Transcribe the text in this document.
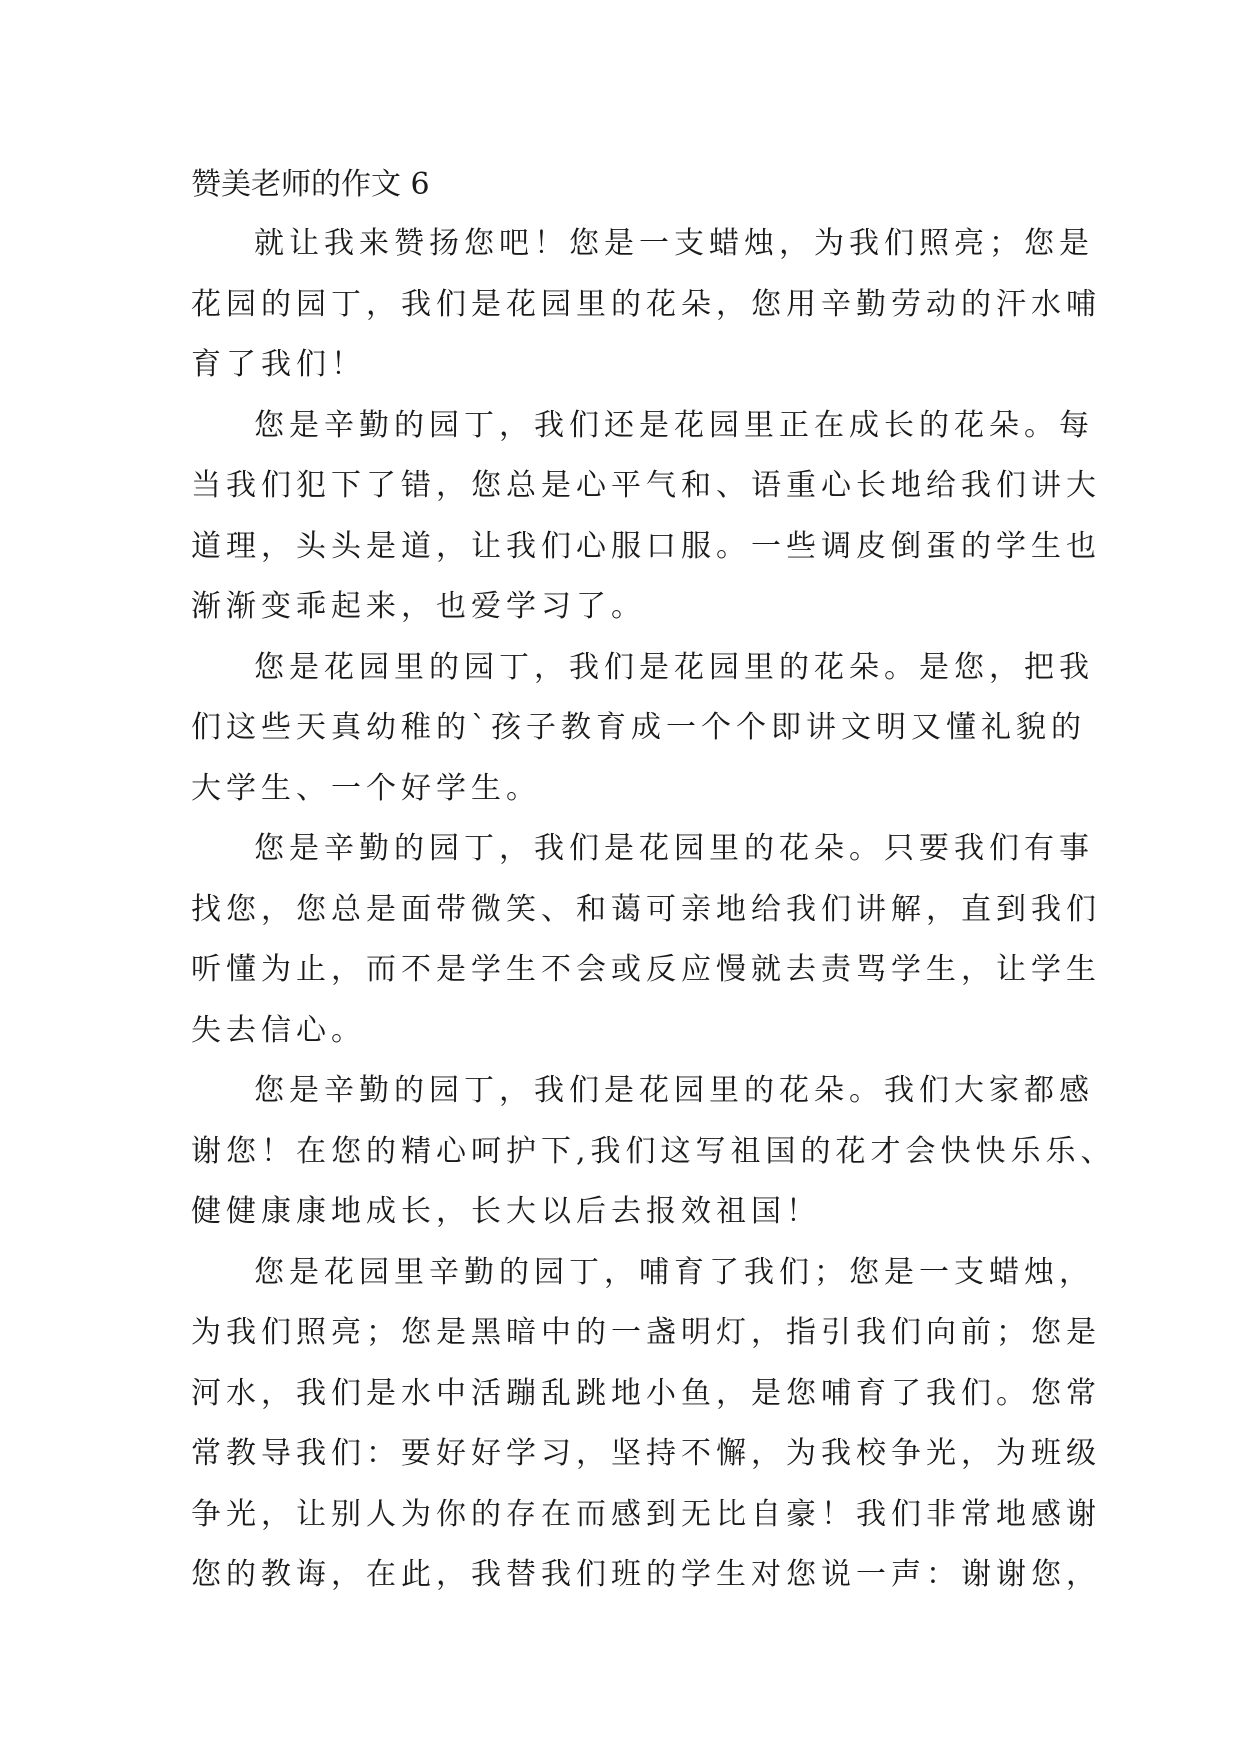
赞美老师的作文 6

就让我来赞扬您吧！您是一支蜡烛，为我们照亮；您是
花园的园丁，我们是花园里的花朵，您用辛勤劳动的汗水哺
育了我们！

您是辛勤的园丁，我们还是花园里正在成长的花朵。每
当我们犯下了错，您总是心平气和、语重心长地给我们讲大
道理，头头是道，让我们心服口服。一些调皮倒蛋的学生也
渐渐变乖起来，也爱学习了。

您是花园里的园丁，我们是花园里的花朵。是您，把我
们这些天真幼稚的`孩子教育成一个个即讲文明又懂礼貌的
大学生、一个好学生。

您是辛勤的园丁，我们是花园里的花朵。只要我们有事
找您，您总是面带微笑、和蔼可亲地给我们讲解，直到我们
听懂为止，而不是学生不会或反应慢就去责骂学生，让学生
失去信心。

您是辛勤的园丁，我们是花园里的花朵。我们大家都感
谢您！在您的精心呵护下,我们这写祖国的花才会快快乐乐、
健健康康地成长，长大以后去报效祖国！

您是花园里辛勤的园丁，哺育了我们；您是一支蜡烛，
为我们照亮；您是黑暗中的一盏明灯，指引我们向前；您是
河水，我们是水中活蹦乱跳地小鱼，是您哺育了我们。您常
常教导我们：要好好学习，坚持不懈，为我校争光，为班级
争光，让别人为你的存在而感到无比自豪！我们非常地感谢
您的教诲，在此，我替我们班的学生对您说一声：谢谢您，
